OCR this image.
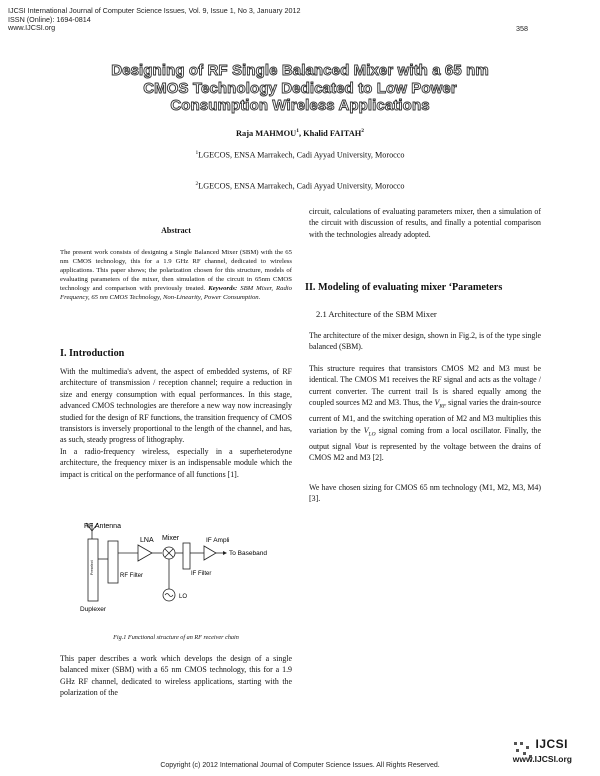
IJCSI International Journal of Computer Science Issues, Vol. 9, Issue 1, No 3, January 2012
ISSN (Online): 1694-0814
www.IJCSI.org	358
Designing of RF Single Balanced Mixer with a 65 nm
CMOS Technology Dedicated to Low Power
Consumption Wireless Applications
Raja MAHMOU$^1$, Khalid FAITAH$^2$
$^1$LGECOS, ENSA Marrakech, Cadi Ayyad University, Morocco
$^2$LGECOS, ENSA Marrakech, Cadi Ayyad University, Morocco
Abstract
The present work consists of designing a Single Balanced Mixer (SBM) with the 65 nm CMOS technology, this for a 1.9 GHz RF channel, dedicated to wireless applications. This paper shows; the polarization chosen for this structure, models of evaluating parameters of the mixer, then simulation of the circuit in 65nm CMOS technology and comparison with previously treated. Keywords: SBM Mixer, Radio Frequency, 65 nm CMOS Technology, Non-Linearity, Power Consumption.
I. Introduction
With the multimedia's advent, the aspect of embedded systems, of RF architecture of transmission / reception channel; require a reduction in size and energy consumption with equal performances. In this stage, advanced CMOS technologies are therefore a new way now increasingly studied for the design of RF functions, the transition frequency of CMOS transistors is inversely proportional to the length of the channel, and has, as such, steady progress of lithography.
In a radio-frequency wireless, especially in a superheterodyne architecture, the frequency mixer is an indispensable module which the impact is critical on the performance of all functions [1].
RF Antenna
Preselect
Duplexer
RF Filter
LNA Mixer
LO
IF Filter
IF Ampli
To Baseband
Fig.1 Functional structure of an RF receiver chain
This paper describes a work which develops the design of a single balanced mixer (SBM) with a 65 nm CMOS technology, this for a 1.9 GHz RF channel, dedicated to wireless applications, starting with the polarization of the
circuit, calculations of evaluating parameters mixer, then a simulation of the circuit with discussion of results, and finally a potential comparison with the technologies already adopted.
II. Modeling of evaluating mixer ‘Parameters
2.1 Architecture of the SBM Mixer
The architecture of the mixer design, shown in Fig.2, is of the type single balanced (SBM).
This structure requires that transistors CMOS M2 and M3 must be identical. The CMOS M1 receives the RF signal and acts as the voltage / current converter. The current trail Is is shared equally among the coupled sources M2 and M3. Thus, the $V_{RF}$ signal varies the drain-source current of M1, and the switching operation of M2 and M3 multiplies this variation by the $V_{LO}$ signal coming from a local oscillator. Finally, the output signal Vout is represented by the voltage between the drains of CMOS M2 and M3 [2].
We have chosen sizing for CMOS 65 nm technology (M1, M2, M3, M4) [3].
Copyright (c) 2012 International Journal of Computer Science Issues. All Rights Reserved.
IJCSI
www.IJCSI.org
